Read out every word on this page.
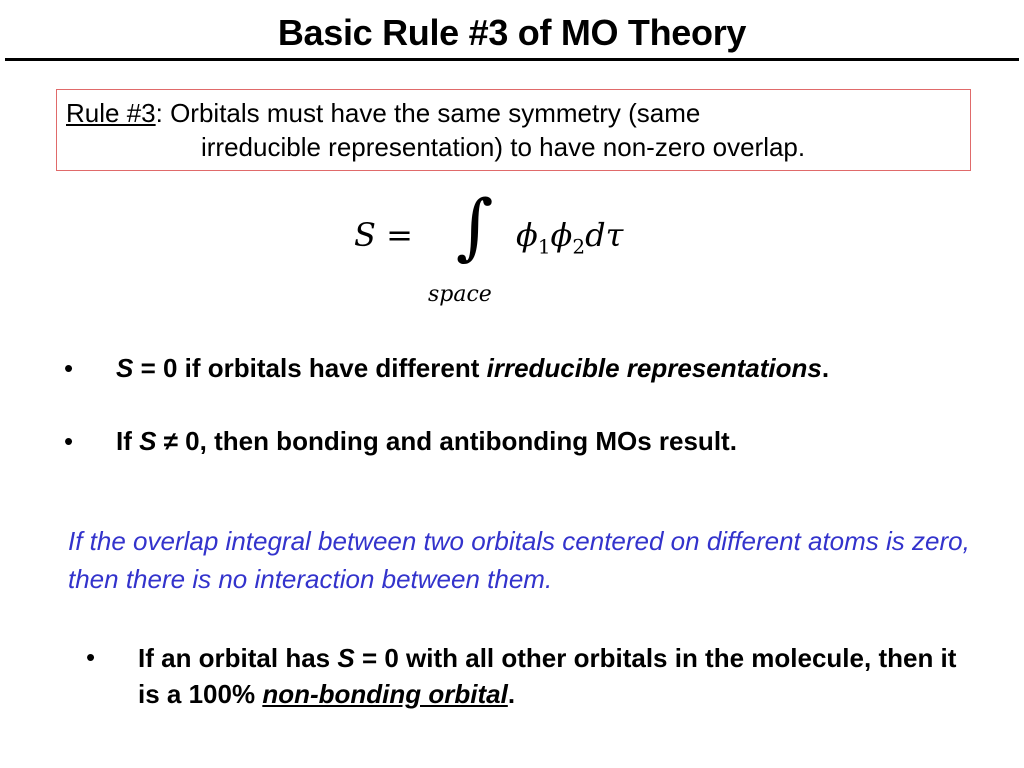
Basic Rule #3 of MO Theory
Rule #3: Orbitals must have the same symmetry (same
irreducible representation) to have non-zero overlap.
S = ∫ $\phi_1\phi_2d\tau$
space
• S = 0 if orbitals have different irreducible representations.
• If S ≠ 0, then bonding and antibonding MOs result.
If the overlap integral between two orbitals centered on different atoms is zero, then there is no interaction between them.
• If an orbital has S = 0 with all other orbitals in the molecule, then it is a 100% non-bonding orbital.
